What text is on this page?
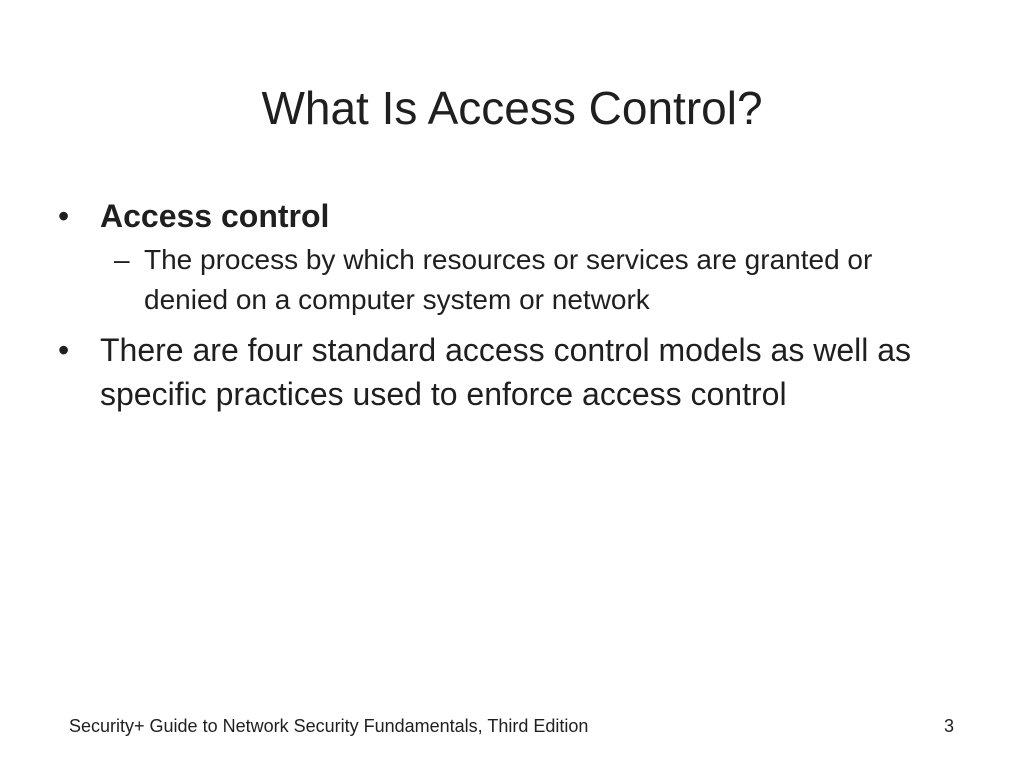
What Is Access Control?
• Access control
– The process by which resources or services are granted or denied on a computer system or network
• There are four standard access control models as well as specific practices used to enforce access control
Security+ Guide to Network Security Fundamentals, Third Edition	3
